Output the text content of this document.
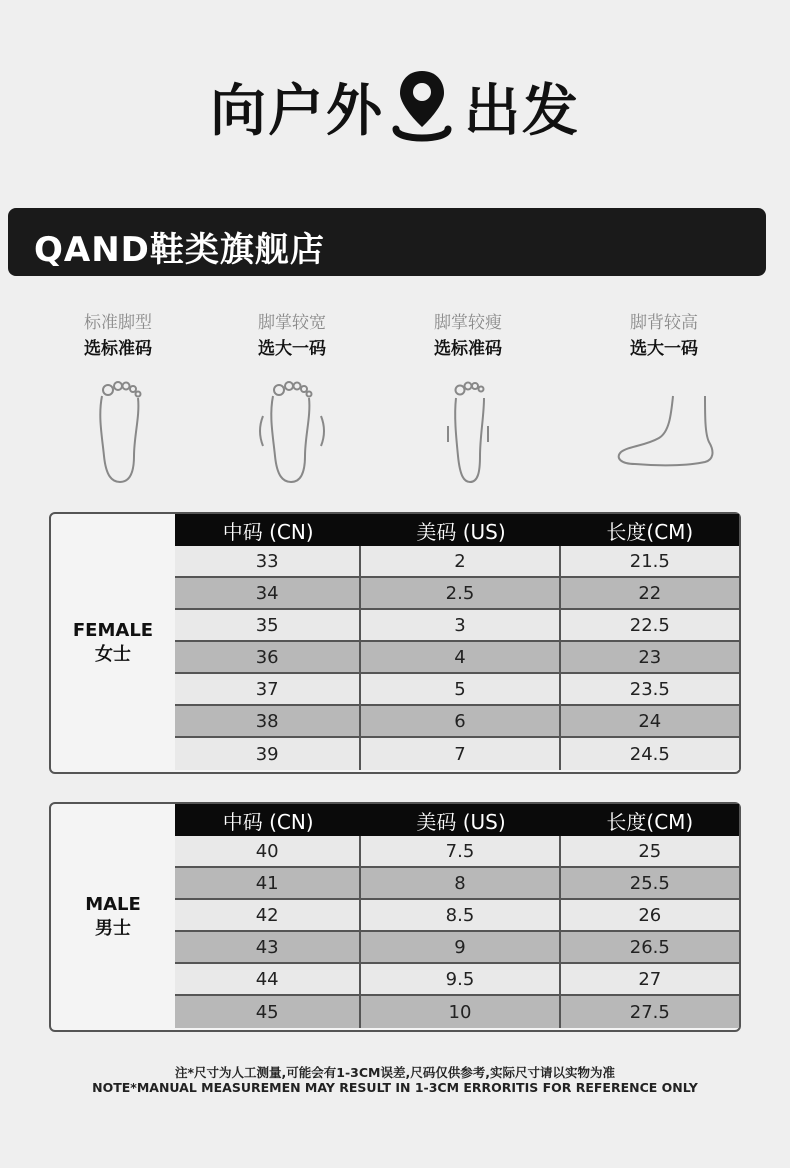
向户外 出发
QAND鞋类旗舰店
标准脚型
选标准码
脚掌较宽
选大一码
脚掌较瘦
选标准码
脚背较高
选大一码
FEMALE
女士
中码 (CN)	美码 (US)	长度(CM)
33	2	21.5
34	2.5	22
35	3	22.5
36	4	23
37	5	23.5
38	6	24
39	7	24.5
MALE
男士
中码 (CN)	美码 (US)	长度(CM)
40	7.5	25
41	8	25.5
42	8.5	26
43	9	26.5
44	9.5	27
45	10	27.5
注*尺寸为人工测量,可能会有1-3CM误差,尺码仅供参考,实际尺寸请以实物为准
NOTE*MANUAL MEASUREMEN MAY RESULT IN 1-3CM ERRORITIS FOR REFERENCE ONLY
